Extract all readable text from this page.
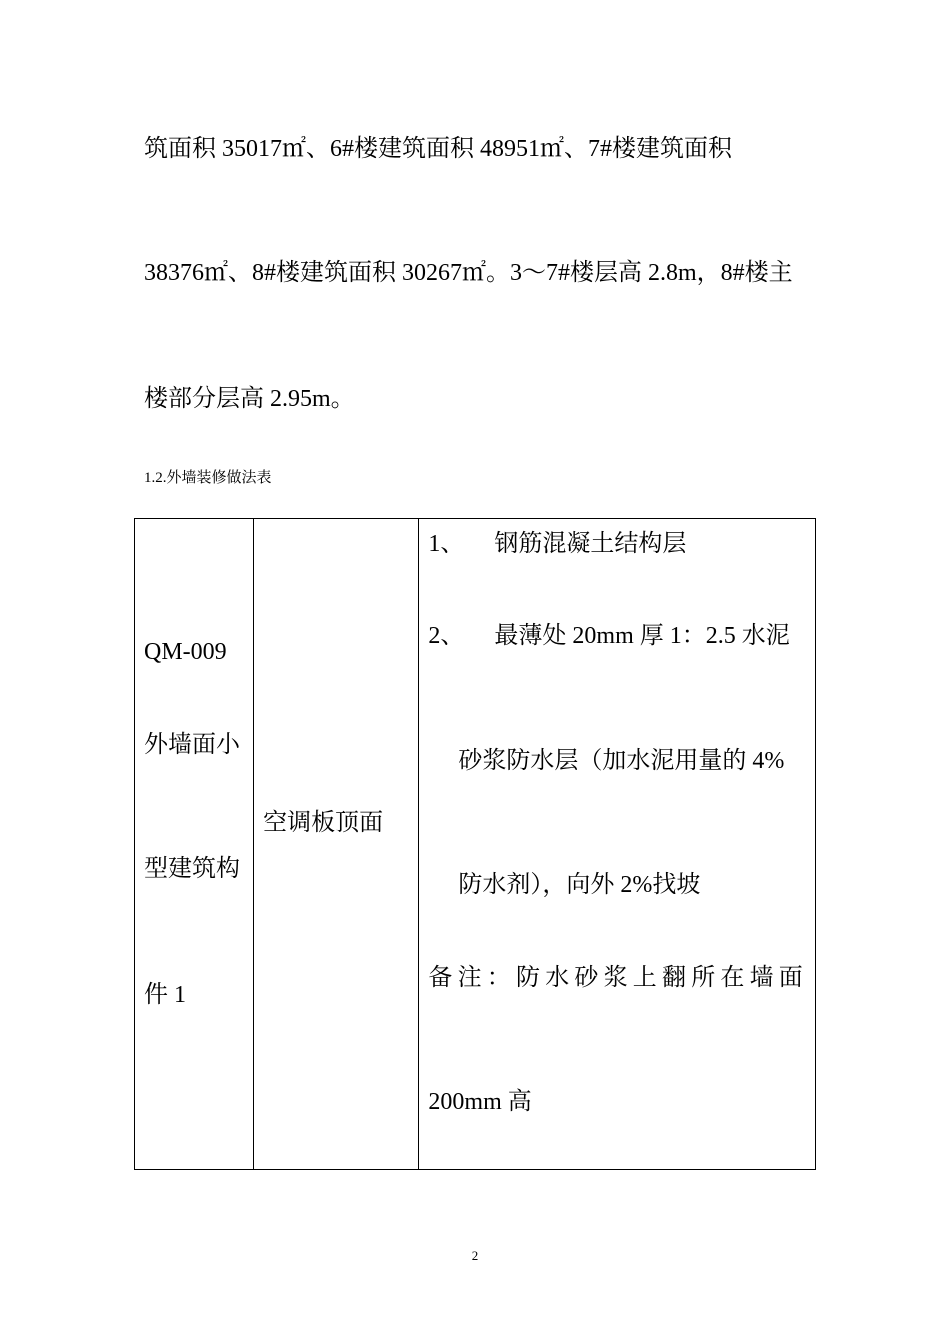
筑面积 35017㎡、6#楼建筑面积 48951㎡、7#楼建筑面积
38376㎡、8#楼建筑面积 30267㎡。3～7#楼层高 2.8m，8#楼主
楼部分层高 2.95m。
1.2.外墙装修做法表
QM-009
外墙面小
型建筑构
件 1

空调板顶面

1、 钢筋混凝土结构层
2、 最薄处 20mm 厚 1：2.5 水泥
砂浆防水层（加水泥用量的 4%
防水剂），向外 2%找坡
备注：防水砂浆上翻所在墙面
200mm 高
2
